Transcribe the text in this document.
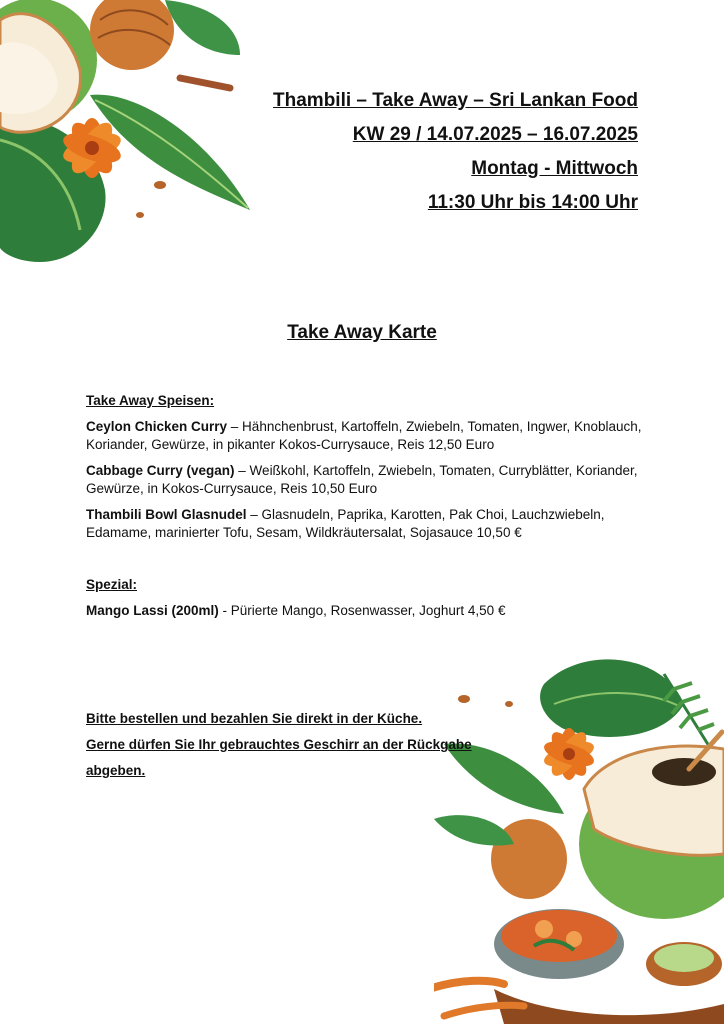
Thambili – Take Away – Sri Lankan Food
KW 29 / 14.07.2025 – 16.07.2025
Montag - Mittwoch
11:30 Uhr bis 14:00 Uhr
Take Away Karte
Take Away Speisen:
Ceylon Chicken Curry – Hähnchenbrust, Kartoffeln, Zwiebeln, Tomaten, Ingwer, Knoblauch, Koriander, Gewürze, in pikanter Kokos-Currysauce, Reis 12,50 Euro
Cabbage Curry (vegan) – Weißkohl, Kartoffeln, Zwiebeln, Tomaten, Curryblätter, Koriander, Gewürze, in Kokos-Currysauce, Reis 10,50 Euro
Thambili Bowl Glasnudel – Glasnudeln, Paprika, Karotten, Pak Choi, Lauchzwiebeln, Edamame, marinierter Tofu, Sesam, Wildkräutersalat, Sojasauce 10,50 €
Spezial:
Mango Lassi (200ml) - Pürierte Mango, Rosenwasser, Joghurt 4,50 €
Bitte bestellen und bezahlen Sie direkt in der Küche.
Gerne dürfen Sie Ihr gebrauchtes Geschirr an der Rückgabe
abgeben.
